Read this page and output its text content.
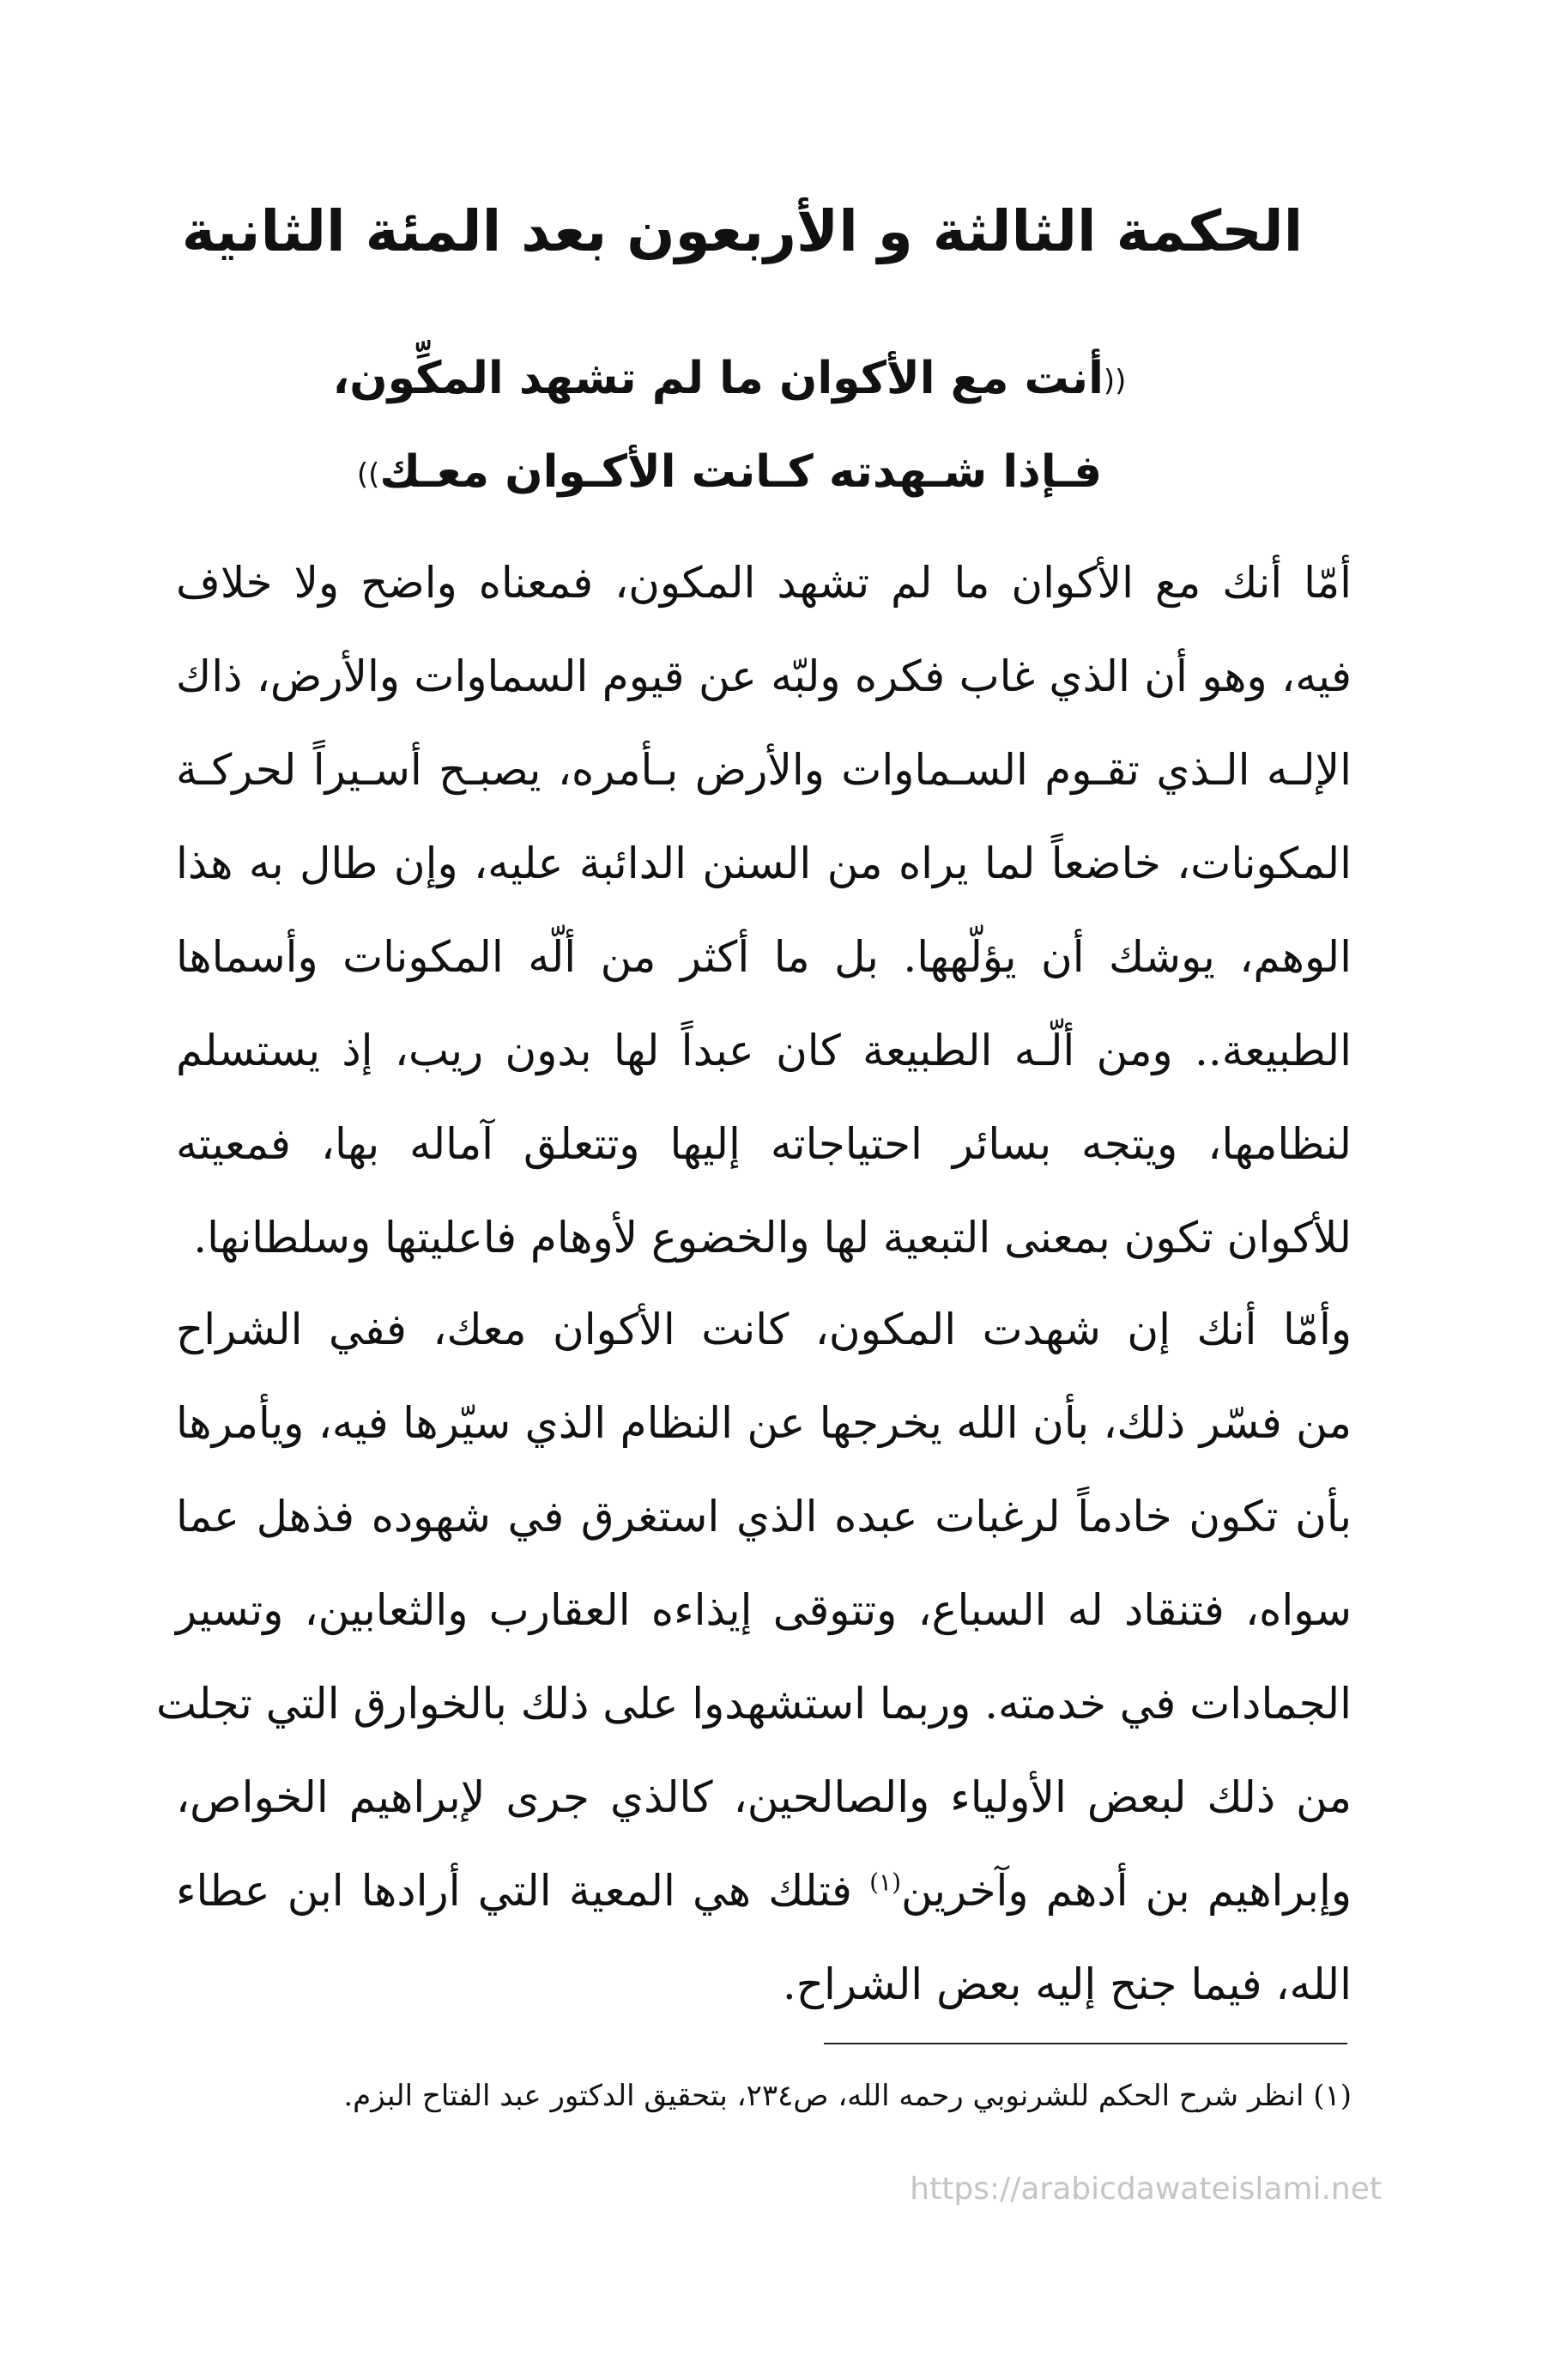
الحكمة الثالثة و الأربعون بعد المئة الثانية
((أنت مع الأكوان ما لم تشهد المكِّون،
فـإذا شـهدته كـانت الأكـوان معـك))
أمّا أنك مع الأكوان ما لم تشهد المكون، فمعناه واضح ولا خلاف
فيه، وهو أن الذي غاب فكره ولبّه عن قيوم السماوات والأرض، ذاك
الإلـه الـذي تقـوم السـماوات والأرض بـأمره، يصبـح أسـيراً لحركـة
المكونات، خاضعاً لما يراه من السنن الدائبة عليه، وإن طال به هذا
الوهم، يوشك أن يؤلّهها. بل ما أكثر من ألّه المكونات وأسماها
الطبيعة.. ومن ألّـه الطبيعة كان عبداً لها بدون ريب، إذ يستسلم
لنظامها، ويتجه بسائر احتياجاته إليها وتتعلق آماله بها، فمعيته
للأكوان تكون بمعنى التبعية لها والخضوع لأوهام فاعليتها وسلطانها.
وأمّا أنك إن شهدت المكون، كانت الأكوان معك، ففي الشراح
من فسّر ذلك، بأن الله يخرجها عن النظام الذي سيّرها فيه، ويأمرها
بأن تكون خادماً لرغبات عبده الذي استغرق في شهوده فذهل عما
سواه، فتنقاد له السباع، وتتوقى إيذاءه العقارب والثعابين، وتسير
الجمادات في خدمته. وربما استشهدوا على ذلك بالخوارق التي تجلت
من ذلك لبعض الأولياء والصالحين، كالذي جرى لإبراهيم الخواص،
وإبراهيم بن أدهم وآخرين$^{(١)}$ فتلك هي المعية التي أرادها ابن عطاء
الله، فيما جنح إليه بعض الشراح.
(١) انظر شرح الحكم للشرنوبي رحمه الله، ص٢٣٤، بتحقيق الدكتور عبد الفتاح البزم.
https://arabicdawateislami.net
